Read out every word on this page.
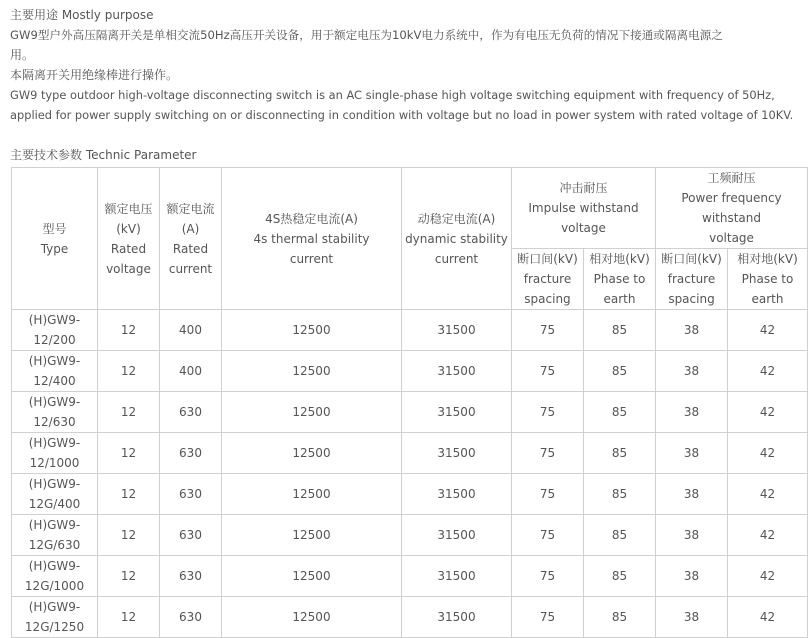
主要用途 Mostly purpose
GW9型户外高压隔离开关是单相交流50Hz高压开关设备，用于额定电压为10kV电力系统中，作为有电压无负荷的情况下接通或隔离电源之
用。
本隔离开关用绝缘棒进行操作。
GW9 type outdoor high-voltage disconnecting switch is an AC single-phase high voltage switching equipment with frequency of 50Hz,
applied for power supply switching on or disconnecting in condition with voltage but no load in power system with rated voltage of 10KV.
主要技术参数 Technic Parameter
型号
Type	额定电压
(kV)
Rated
voltage	额定电流
(A)
Rated
current	4S热稳定电流(A)
4s thermal stability
current	动稳定电流(A)
dynamic stability
current	冲击耐压
Impulse withstand
voltage		工频耐压
Power frequency withstand
voltage	

					断口间(kV)
fracture
spacing	相对地(kV)
Phase to
earth	断口间(kV)
fracture
spacing	相对地(kV)
Phase to
earth

(H)GW9-
12/200	12	400	12500	31500	75	85	38	42

(H)GW9-
12/400	12	400	12500	31500	75	85	38	42

(H)GW9-
12/630	12	630	12500	31500	75	85	38	42

(H)GW9-
12/1000	12	630	12500	31500	75	85	38	42

(H)GW9-
12G/400	12	630	12500	31500	75	85	38	42

(H)GW9-
12G/630	12	630	12500	31500	75	85	38	42

(H)GW9-
12G/1000	12	630	12500	31500	75	85	38	42

(H)GW9-
12G/1250	12	630	12500	31500	75	85	38	42
